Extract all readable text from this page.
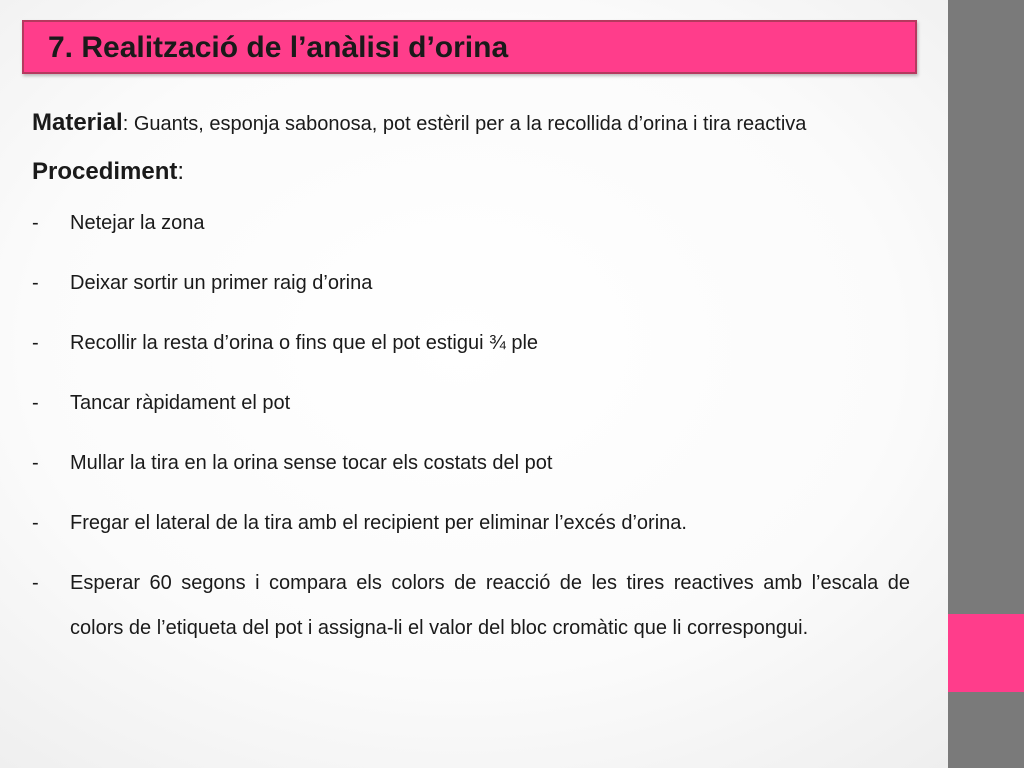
7. Realització de l’anàlisi d’orina

Material: Guants, esponja sabonosa, pot estèril per a la recollida d’orina i tira reactiva

Procediment:

- Netejar la zona
- Deixar sortir un primer raig d’orina
- Recollir la resta d’orina o fins que el pot estigui ¾ ple
- Tancar ràpidament el pot
- Mullar la tira en la orina sense tocar els costats del pot
- Fregar el lateral de la tira amb el recipient per eliminar l’excés d’orina.
- Esperar 60 segons i compara els colors de reacció de les tires reactives amb l’escala de colors de l’etiqueta del pot i assigna-li el valor del bloc cromàtic que li correspongui.
